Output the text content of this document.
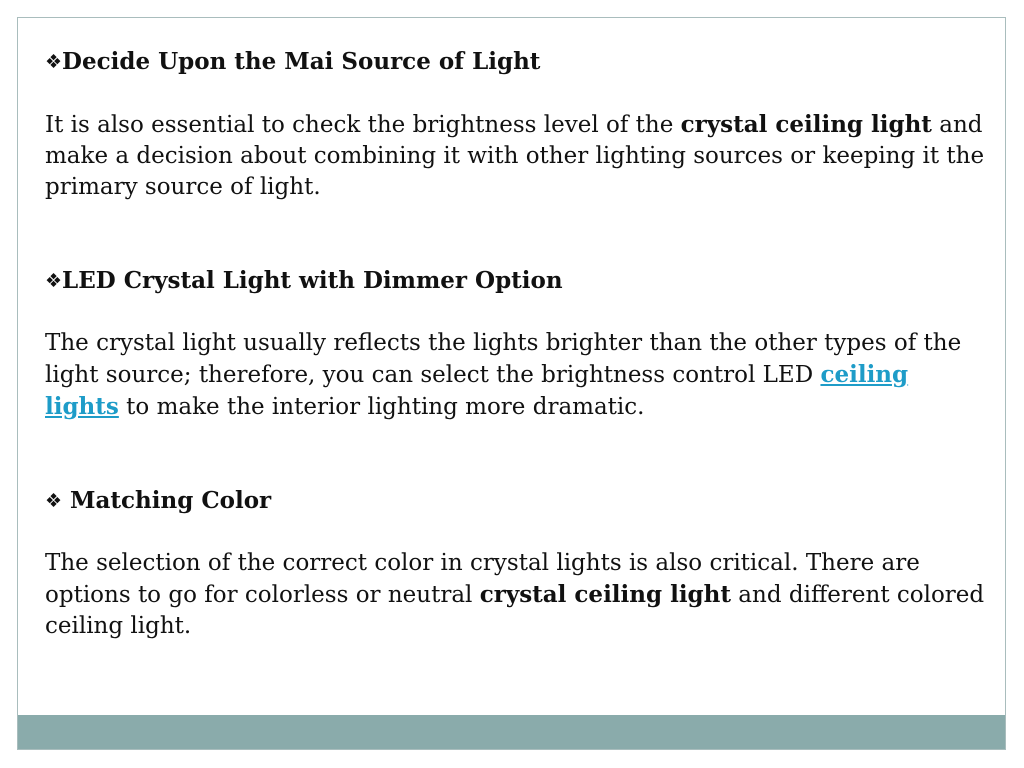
❖Decide Upon the Mai Source of Light

It is also essential to check the brightness level of the crystal ceiling light and make a decision about combining it with other lighting sources or keeping it the primary source of light.

❖LED Crystal Light with Dimmer Option

The crystal light usually reflects the lights brighter than the other types of the light source; therefore, you can select the brightness control LED ceiling lights to make the interior lighting more dramatic.

❖ Matching Color

The selection of the correct color in crystal lights is also critical. There are options to go for colorless or neutral crystal ceiling light and different colored ceiling light.
